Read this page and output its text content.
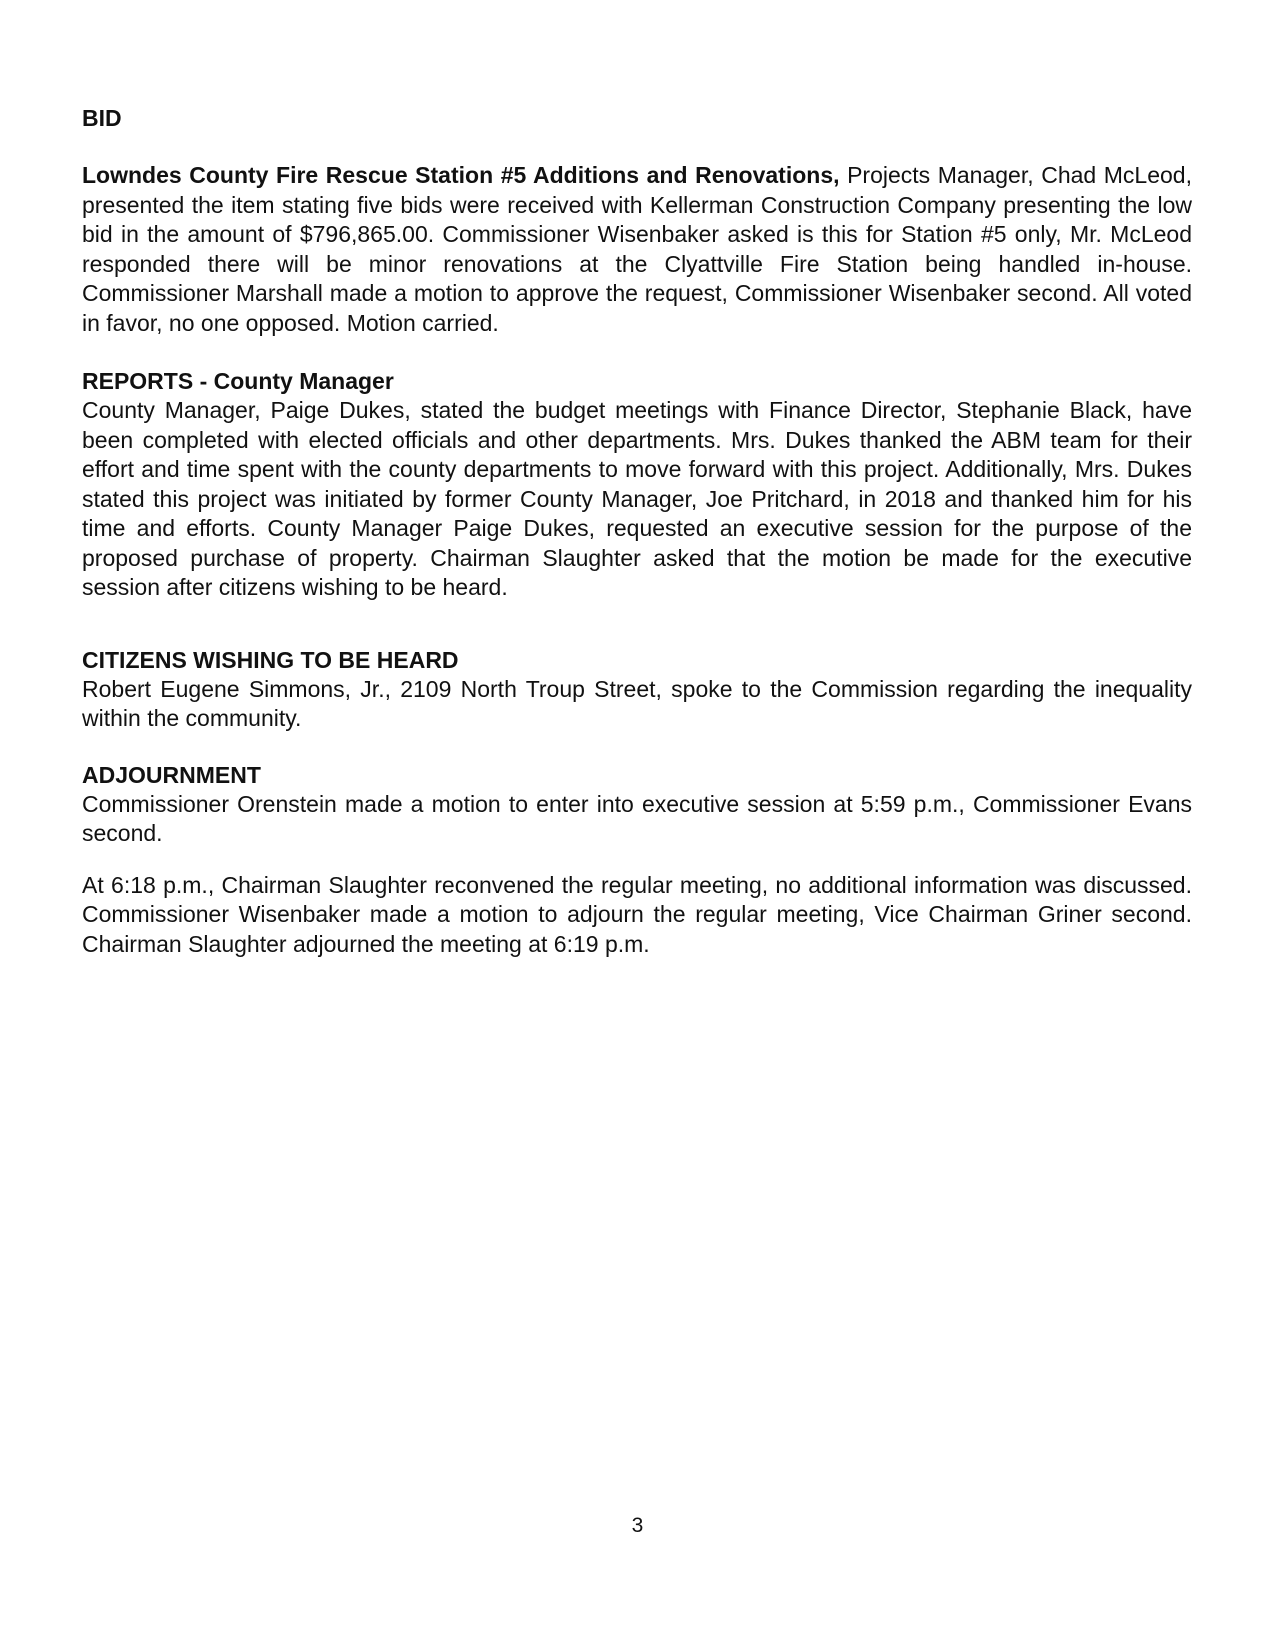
BID

Lowndes County Fire Rescue Station #5 Additions and Renovations, Projects Manager, Chad McLeod, presented the item stating five bids were received with Kellerman Construction Company presenting the low bid in the amount of $796,865.00. Commissioner Wisenbaker asked is this for Station #5 only, Mr. McLeod responded there will be minor renovations at the Clyattville Fire Station being handled in-house. Commissioner Marshall made a motion to approve the request, Commissioner Wisenbaker second. All voted in favor, no one opposed. Motion carried.

REPORTS - County Manager

County Manager, Paige Dukes, stated the budget meetings with Finance Director, Stephanie Black, have been completed with elected officials and other departments. Mrs. Dukes thanked the ABM team for their effort and time spent with the county departments to move forward with this project. Additionally, Mrs. Dukes stated this project was initiated by former County Manager, Joe Pritchard, in 2018 and thanked him for his time and efforts. County Manager Paige Dukes, requested an executive session for the purpose of the proposed purchase of property. Chairman Slaughter asked that the motion be made for the executive session after citizens wishing to be heard.

CITIZENS WISHING TO BE HEARD

Robert Eugene Simmons, Jr., 2109 North Troup Street, spoke to the Commission regarding the inequality within the community.

ADJOURNMENT

Commissioner Orenstein made a motion to enter into executive session at 5:59 p.m., Commissioner Evans second.

At 6:18 p.m., Chairman Slaughter reconvened the regular meeting, no additional information was discussed. Commissioner Wisenbaker made a motion to adjourn the regular meeting, Vice Chairman Griner second. Chairman Slaughter adjourned the meeting at 6:19 p.m.

3
